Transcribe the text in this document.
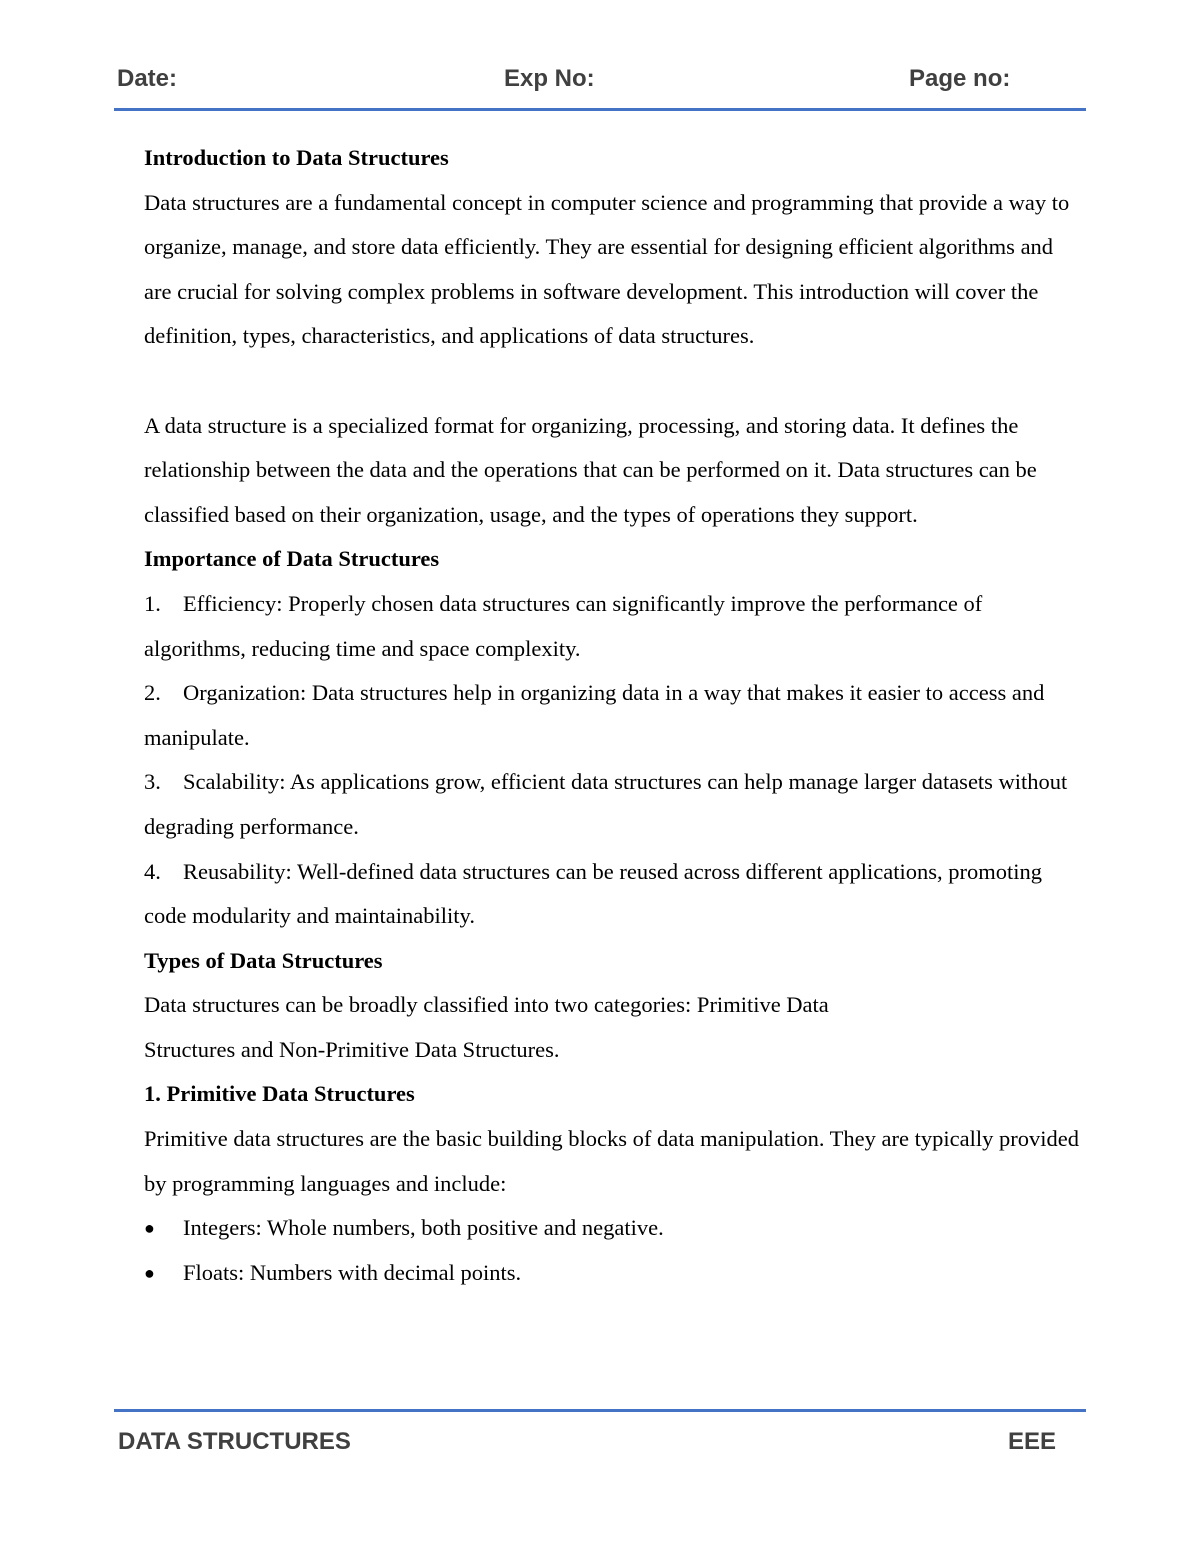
Date:	Exp No:	Page no:

Introduction to Data Structures

Data structures are a fundamental concept in computer science and programming that provide a way to organize, manage, and store data efficiently. They are essential for designing efficient algorithms and are crucial for solving complex problems in software development. This introduction will cover the definition, types, characteristics, and applications of data structures.

A data structure is a specialized format for organizing, processing, and storing data. It defines the relationship between the data and the operations that can be performed on it. Data structures can be classified based on their organization, usage, and the types of operations they support.

Importance of Data Structures

1. Efficiency: Properly chosen data structures can significantly improve the performance of algorithms, reducing time and space complexity.
2. Organization: Data structures help in organizing data in a way that makes it easier to access and manipulate.
3. Scalability: As applications grow, efficient data structures can help manage larger datasets without degrading performance.
4. Reusability: Well-defined data structures can be reused across different applications, promoting code modularity and maintainability.

Types of Data Structures

Data structures can be broadly classified into two categories: Primitive Data

Structures and Non-Primitive Data Structures.

1. Primitive Data Structures

Primitive data structures are the basic building blocks of data manipulation. They are typically provided by programming languages and include:

●	Integers: Whole numbers, both positive and negative.
●	Floats: Numbers with decimal points.
DATA STRUCTURES	EEE
